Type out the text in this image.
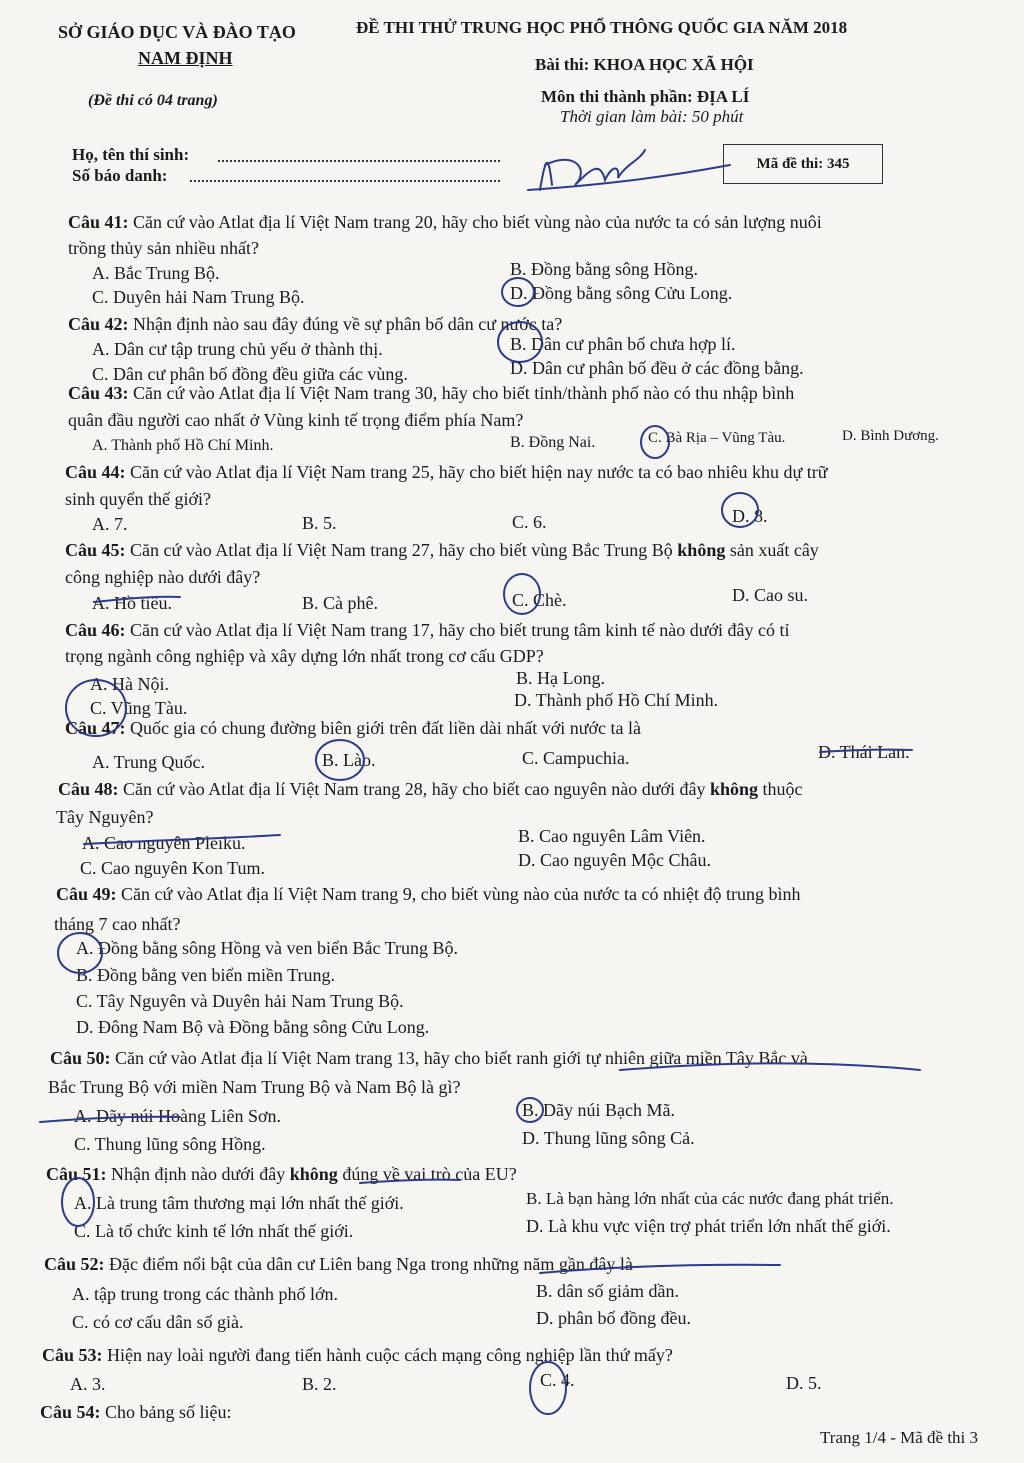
SỞ GIÁO DỤC VÀ ĐÀO TẠO
NAM ĐỊNH
(Đề thi có 04 trang)
ĐỀ THI THỬ TRUNG HỌC PHỔ THÔNG QUỐC GIA NĂM 2018
Bài thi: KHOA HỌC XÃ HỘI
Môn thi thành phần: ĐỊA LÍ
Thời gian làm bài: 50 phút
Họ, tên thí sinh:
Số báo danh:
Mã đề thi: 345
Câu 41: Căn cứ vào Atlat địa lí Việt Nam trang 20, hãy cho biết vùng nào của nước ta có sản lượng nuôi
trồng thủy sản nhiều nhất?
A. Bắc Trung Bộ.	B. Đồng bằng sông Hồng.
C. Duyên hải Nam Trung Bộ.	D. Đồng bằng sông Cửu Long.
Câu 42: Nhận định nào sau đây đúng về sự phân bố dân cư nước ta?
A. Dân cư tập trung chủ yếu ở thành thị.	B. Dân cư phân bố chưa hợp lí.
C. Dân cư phân bố đồng đều giữa các vùng.	D. Dân cư phân bố đều ở các đồng bằng.
Câu 43: Căn cứ vào Atlat địa lí Việt Nam trang 30, hãy cho biết tỉnh/thành phố nào có thu nhập bình
quân đầu người cao nhất ở Vùng kinh tế trọng điểm phía Nam?
A. Thành phố Hồ Chí Minh.	B. Đồng Nai.	C. Bà Rịa – Vũng Tàu.	D. Bình Dương.
Câu 44: Căn cứ vào Atlat địa lí Việt Nam trang 25, hãy cho biết hiện nay nước ta có bao nhiêu khu dự trữ
sinh quyển thế giới?
A. 7.	B. 5.	C. 6.	D. 8.
Câu 45: Căn cứ vào Atlat địa lí Việt Nam trang 27, hãy cho biết vùng Bắc Trung Bộ không sản xuất cây
công nghiệp nào dưới đây?
A. Hồ tiêu.	B. Cà phê.	C. Chè.	D. Cao su.
Câu 46: Căn cứ vào Atlat địa lí Việt Nam trang 17, hãy cho biết trung tâm kinh tế nào dưới đây có tỉ
trọng ngành công nghiệp và xây dựng lớn nhất trong cơ cấu GDP?
A. Hà Nội.	B. Hạ Long.
C. Vũng Tàu.	D. Thành phố Hồ Chí Minh.
Câu 47: Quốc gia có chung đường biên giới trên đất liền dài nhất với nước ta là
A. Trung Quốc.	B. Lào.	C. Campuchia.	D. Thái Lan.
Câu 48: Căn cứ vào Atlat địa lí Việt Nam trang 28, hãy cho biết cao nguyên nào dưới đây không thuộc
Tây Nguyên?
A. Cao nguyên Pleiku.	B. Cao nguyên Lâm Viên.
C. Cao nguyên Kon Tum.	D. Cao nguyên Mộc Châu.
Câu 49: Căn cứ vào Atlat địa lí Việt Nam trang 9, cho biết vùng nào của nước ta có nhiệt độ trung bình
tháng 7 cao nhất?
A. Đồng bằng sông Hồng và ven biển Bắc Trung Bộ.
B. Đồng bằng ven biển miền Trung.
C. Tây Nguyên và Duyên hải Nam Trung Bộ.
D. Đông Nam Bộ và Đồng bằng sông Cửu Long.
Câu 50: Căn cứ vào Atlat địa lí Việt Nam trang 13, hãy cho biết ranh giới tự nhiên giữa miền Tây Bắc và
Bắc Trung Bộ với miền Nam Trung Bộ và Nam Bộ là gì?
A. Dãy núi Hoàng Liên Sơn.	B. Dãy núi Bạch Mã.
C. Thung lũng sông Hồng.	D. Thung lũng sông Cả.
Câu 51: Nhận định nào dưới đây không đúng về vai trò của EU?
A. Là trung tâm thương mại lớn nhất thế giới.	B. Là bạn hàng lớn nhất của các nước đang phát triển.
C. Là tổ chức kinh tế lớn nhất thế giới.	D. Là khu vực viện trợ phát triển lớn nhất thế giới.
Câu 52: Đặc điểm nổi bật của dân cư Liên bang Nga trong những năm gần đây là
A. tập trung trong các thành phố lớn.	B. dân số giảm dần.
C. có cơ cấu dân số già.	D. phân bố đồng đều.
Câu 53: Hiện nay loài người đang tiến hành cuộc cách mạng công nghiệp lần thứ mấy?
A. 3.	B. 2.	C. 4.	D. 5.
Câu 54: Cho bảng số liệu:
Trang 1/4 - Mã đề thi 3
